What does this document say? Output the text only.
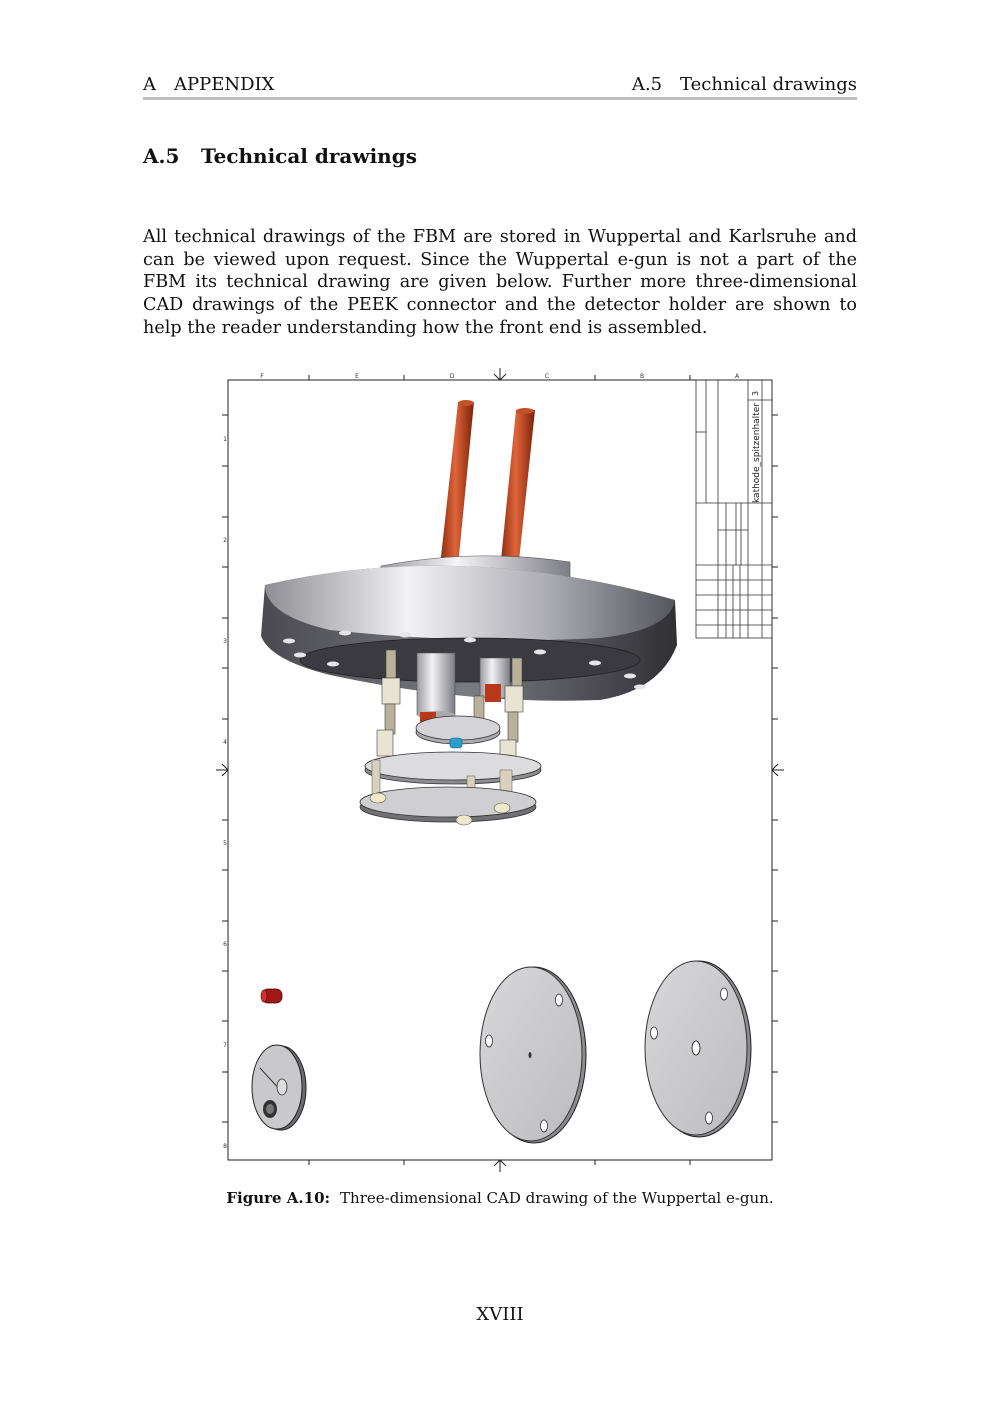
A APPENDIX	A.5 Technical drawings
A.5 Technical drawings

All technical drawings of the FBM are stored in Wuppertal and Karlsruhe and can be viewed upon request. Since the Wuppertal e-gun is not a part of the FBM its technical drawing are given below. Further more three-dimensional CAD drawings of the PEEK connector and the detector holder are shown to help the reader understanding how the front end is assembled.

F	E	D	C	B	A
1
2
3
4
5
6
7
8
kathode_spitzenhalter
3
Figure A.10: Three-dimensional CAD drawing of the Wuppertal e-gun.
XVIII
